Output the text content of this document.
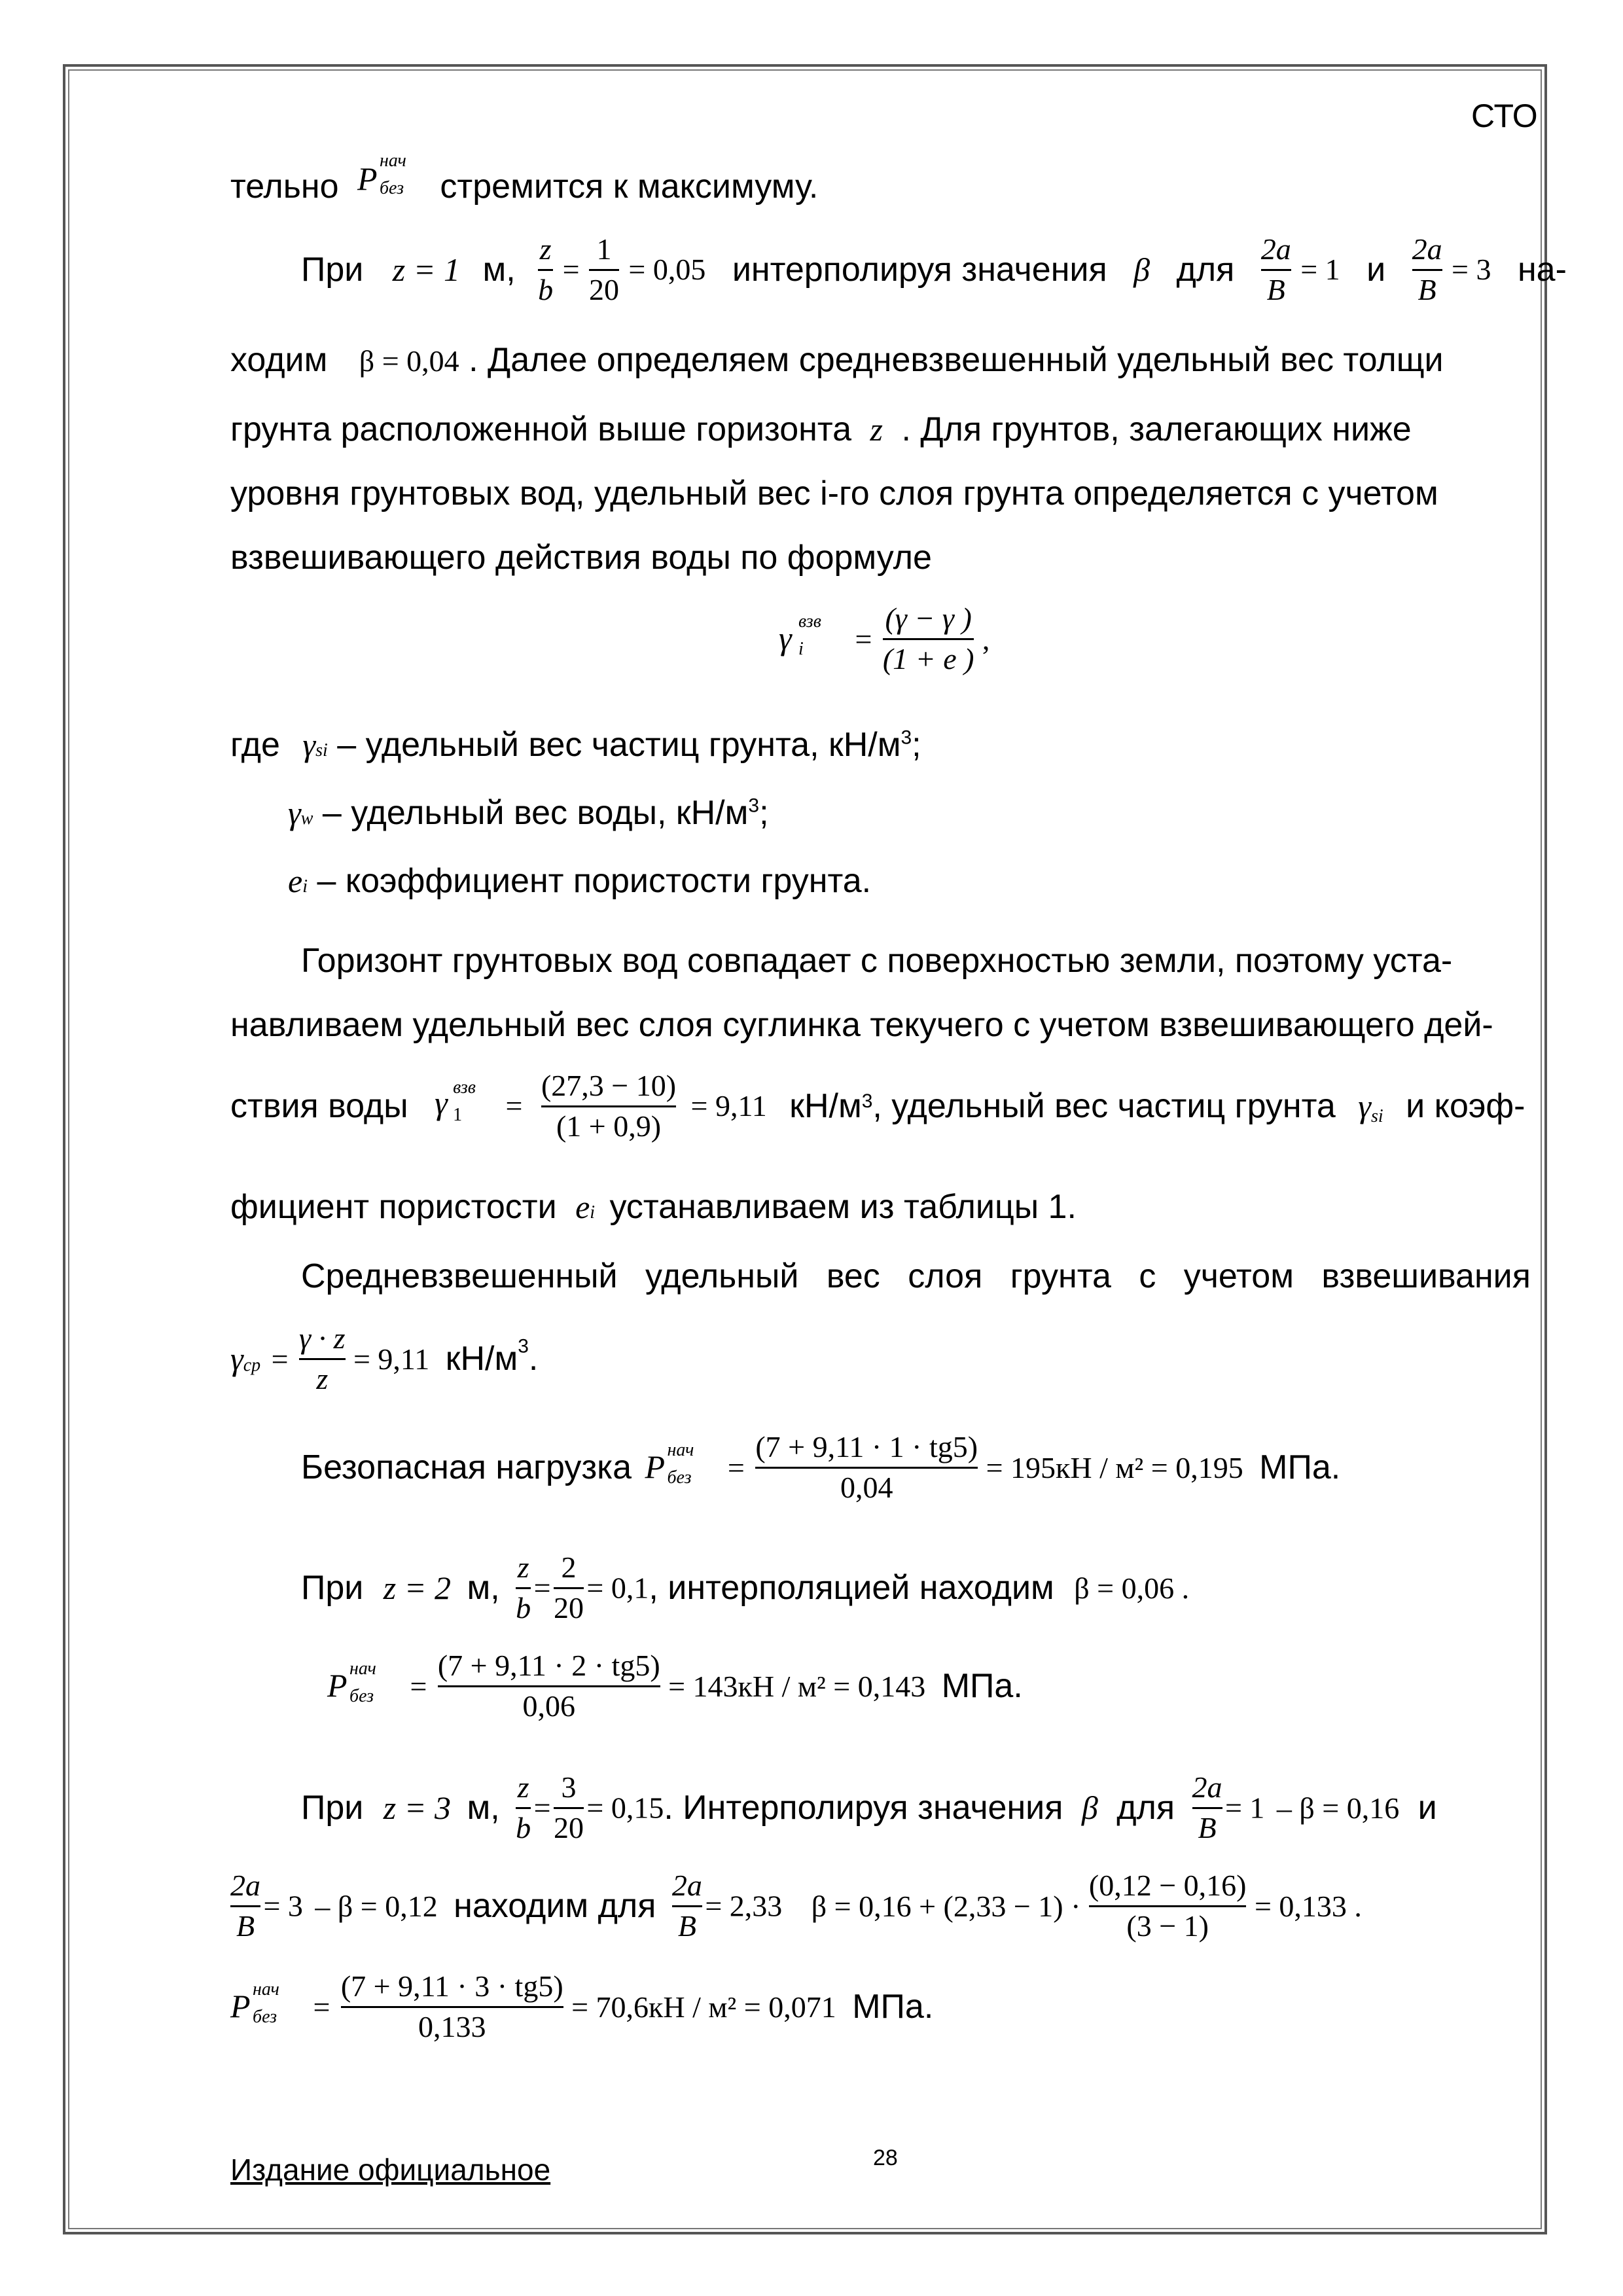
СТО
тельно P нач
без стремится к максимуму.
При z = 1 м, $\frac{z}{b} = \frac{1}{20} = 0,05$ интерполируя значения β для $\frac{2a}{B} = 1$ и $\frac{2a}{B} = 3$ на-
ходим β = 0,04 . Далее определяем средневзвешенный удельный вес толщи
грунта расположенной выше горизонта z . Для грунтов, залегающих ниже
уровня грунтовых вод, удельный вес i-го слоя грунта определяется с учетом
взвешивающего действия воды по формуле
γ взв
$i = \frac{(\gamma - \gamma )}{(1 + e )}$ ,
где γsi – удельный вес частиц грунта, $кН/м^3$;
γw – удельный вес воды, $кН/м^3$;
ei – коэффициент пористости грунта.
Горизонт грунтовых вод совпадает с поверхностью земли, поэтому уста-
навливаем удельный вес слоя суглинка текучего с учетом взвешивающего дей-
ствия воды γ взв
$1 = \frac{(27,3 - 10)}{(1 + 0,9)} = 9,11$ $кН/м^3$, удельный вес частиц грунта $\gamma_{si}$ и коэф-
фициент пористости ei устанавливаем из таблицы 1.
Средневзвешенный удельный вес слоя грунта с учетом взвешивания
$\gamma ср = \frac{\gamma \cdot z}{z} = 9,11$ $кН/м^3$.
Безопасная нагрузка P нач
без = $\frac{(7 + 9,11 \cdot 1 \cdot tg5)}{0,04} = 195кН / м^2 = 0,195$ МПа.
При z = 2 м, $\frac{z}{b} = \frac{2}{20} = 0,1$, интерполяцией находим β = 0,06 .
P нач
без = $\frac{(7 + 9,11 \cdot 2 \cdot tg5)}{0,06} = 143кН / м^2 = 0,143$ МПа.
При z = 3 м, $\frac{z}{b} = \frac{3}{20} = 0,15$. Интерполируя значения β для $\frac{2a}{B} = 1 - \beta = 0,16$ и
$\frac{2a}{B} = 3 - \beta = 0,12$ находим для $\frac{2a}{B} = 2,33$ $\beta = 0,16 + (2,33 - 1) \cdot \frac{(0,12 - 0,16)}{(3 - 1)} = 0,133$ .
P нач
без = $\frac{(7 + 9,11 \cdot 3 \cdot tg5)}{0,133} = 70,6кН / м^2 = 0,071$ МПа.
Издание официальное	28
